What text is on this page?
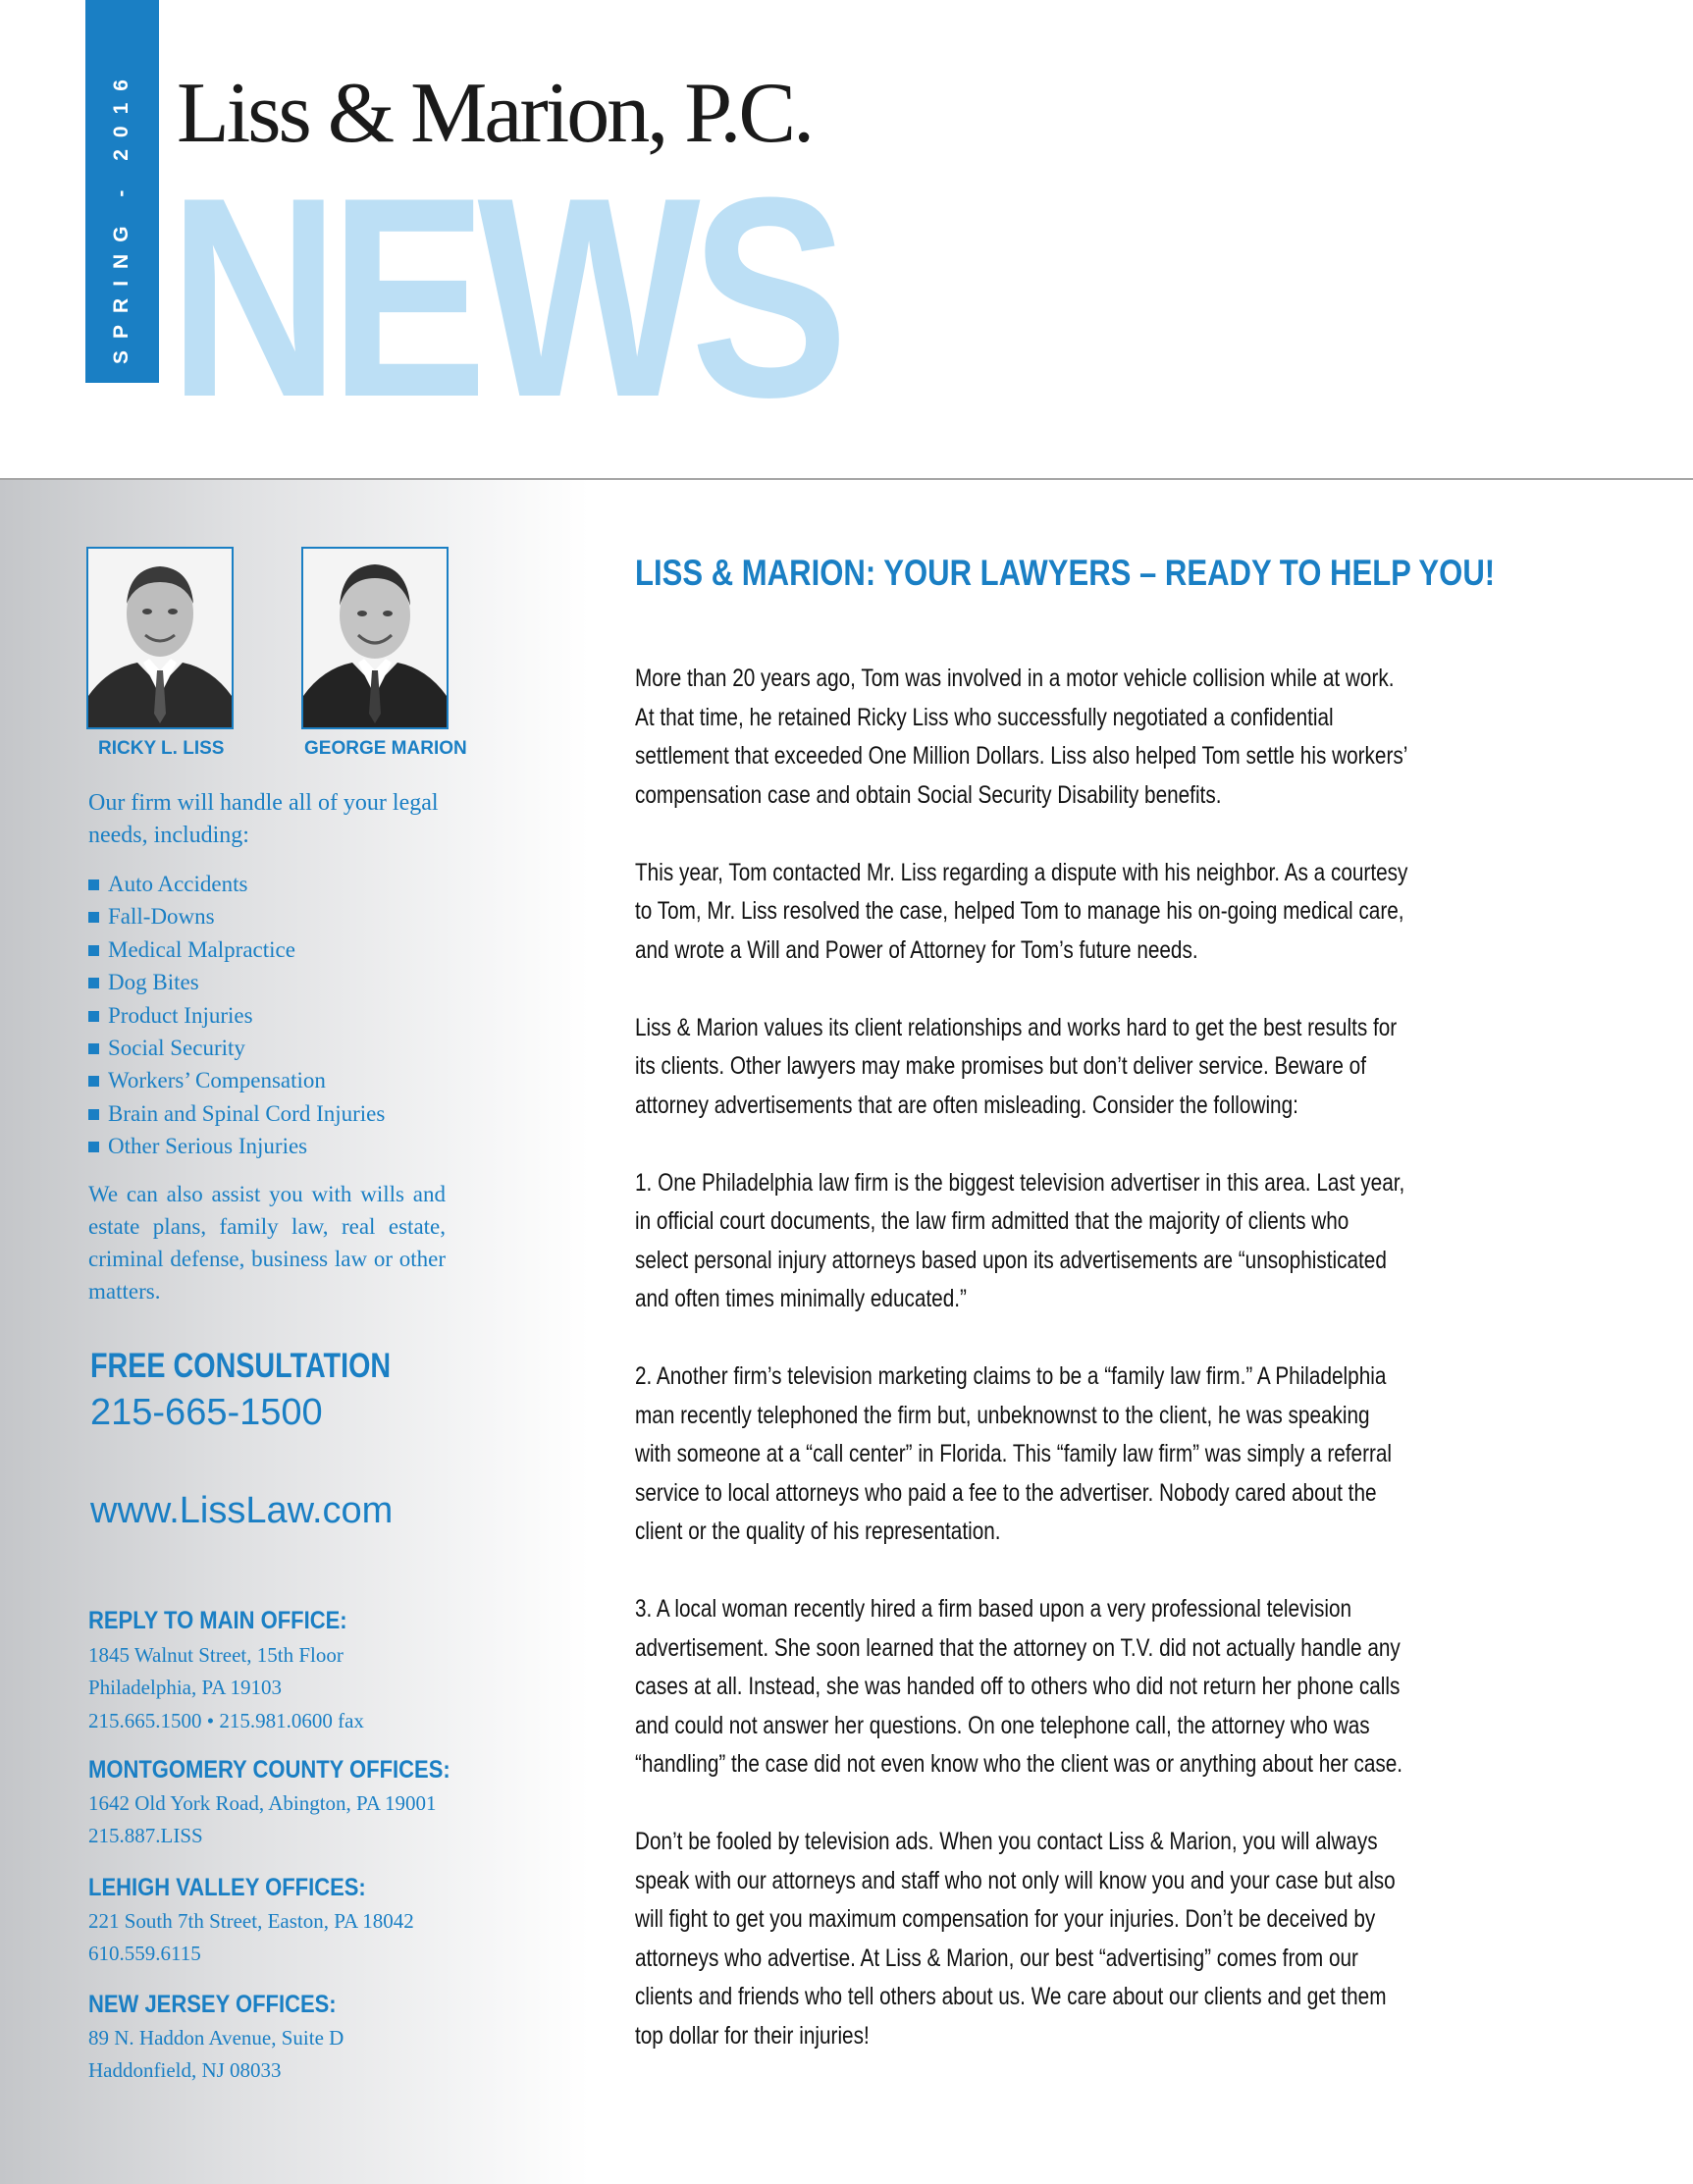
SPRING - 2016 Liss & Marion, P.C.
NEWS
RICKY L. LISS	GEORGE MARION
Our firm will handle all of your legal needs, including:
Auto Accidents
Fall-Downs
Medical Malpractice
Dog Bites
Product Injuries
Social Security
Workers’ Compensation
Brain and Spinal Cord Injuries
Other Serious Injuries
We can also assist you with wills and estate plans, family law, real estate, criminal defense, business law or other matters.
FREE CONSULTATION
215-665-1500
www.LissLaw.com
REPLY TO MAIN OFFICE:
1845 Walnut Street, 15th Floor
Philadelphia, PA 19103
215.665.1500 • 215.981.0600 fax
MONTGOMERY COUNTY OFFICES:
1642 Old York Road, Abington, PA 19001
215.887.LISS
LEHIGH VALLEY OFFICES:
221 South 7th Street, Easton, PA 18042
610.559.6115
NEW JERSEY OFFICES:
89 N. Haddon Avenue, Suite D
Haddonfield, NJ 08033
LISS & MARION: YOUR LAWYERS – READY TO HELP YOU!

More than 20 years ago, Tom was involved in a motor vehicle collision while at work.
At that time, he retained Ricky Liss who successfully negotiated a confidential
settlement that exceeded One Million Dollars. Liss also helped Tom settle his workers’
compensation case and obtain Social Security Disability benefits.

This year, Tom contacted Mr. Liss regarding a dispute with his neighbor. As a courtesy
to Tom, Mr. Liss resolved the case, helped Tom to manage his on-going medical care,
and wrote a Will and Power of Attorney for Tom’s future needs.

Liss & Marion values its client relationships and works hard to get the best results for
its clients. Other lawyers may make promises but don’t deliver service. Beware of
attorney advertisements that are often misleading. Consider the following:

1. One Philadelphia law firm is the biggest television advertiser in this area. Last year,
in official court documents, the law firm admitted that the majority of clients who
select personal injury attorneys based upon its advertisements are “unsophisticated
and often times minimally educated.”

2. Another firm’s television marketing claims to be a “family law firm.” A Philadelphia
man recently telephoned the firm but, unbeknownst to the client, he was speaking
with someone at a “call center” in Florida. This “family law firm” was simply a referral
service to local attorneys who paid a fee to the advertiser. Nobody cared about the
client or the quality of his representation.

3. A local woman recently hired a firm based upon a very professional television
advertisement. She soon learned that the attorney on T.V. did not actually handle any
cases at all. Instead, she was handed off to others who did not return her phone calls
and could not answer her questions. On one telephone call, the attorney who was
“handling” the case did not even know who the client was or anything about her case.

Don’t be fooled by television ads. When you contact Liss & Marion, you will always
speak with our attorneys and staff who not only will know you and your case but also
will fight to get you maximum compensation for your injuries. Don’t be deceived by
attorneys who advertise. At Liss & Marion, our best “advertising” comes from our
clients and friends who tell others about us. We care about our clients and get them
top dollar for their injuries!
